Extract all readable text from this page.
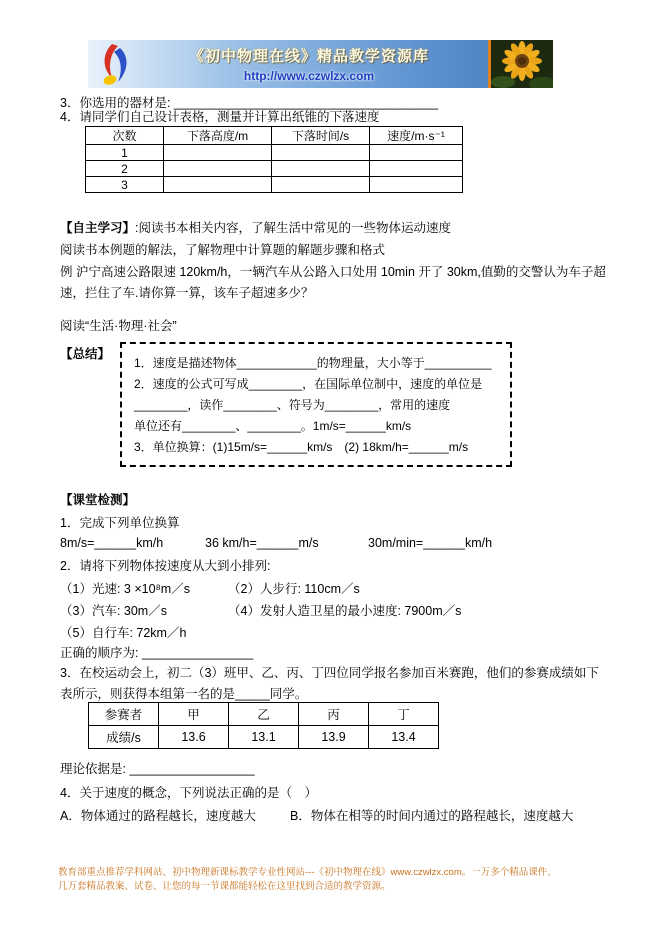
《初中物理在线》精品教学资源库
http://www.czwlzx.com
3．你选用的器材是: ______________________________________
4．请同学们自己设计表格，测量并计算出纸锥的下落速度
次数	下落高度/m	下落时间/s	速度/m·s⁻¹
1			
2			
3			
【自主学习】:阅读书本相关内容，了解生活中常见的一些物体运动速度
阅读书本例题的解法，了解物理中计算题的解题步骤和格式
例 沪宁高速公路限速 120km/h，一辆汽车从公路入口处用 10min 开了 30km,值勤的交警认为车子超速，拦住了车.请你算一算，该车子超速多少？
阅读“生活·物理·社会”
【总结】
1．速度是描述物体____________的物理量，大小等于__________
2．速度的公式可写成________，在国际单位制中，速度的单位是
________，读作________、符号为________，常用的速度
单位还有________、________。1m/s=______km/s
3．单位换算：(1)15m/s=______km/s　(2) 18km/h=______m/s
【课堂检测】
1．完成下列单位换算
8m/s=______km/h	36 km/h=______m/s	30m/min=______km/h
2．请将下列物体按速度从大到小排列:
（1）光速: 3 ×10⁸m／s	（2）人步行: 110cm／s
（3）汽车: 30m／s	（4）发射人造卫星的最小速度: 7900m／s
（5）自行车: 72km／h
正确的顺序为: ________________
3．在校运动会上，初二（3）班甲、乙、丙、丁四位同学报名参加百米赛跑，他们的参赛成绩如下表所示，则获得本组第一名的是_____同学。
参赛者	甲	乙	丙	丁
成绩/s	13.6	13.1	13.9	13.4
理论依据是: __________________
4．关于速度的概念，下列说法正确的是（　）
A．物体通过的路程越长，速度越大	B．物体在相等的时间内通过的路程越长，速度越大
教育部重点推荐学科网站、初中物理新课标教学专业性网站---《初中物理在线》www.czwlzx.com。一万多个精品课件、
几万套精品教案、试卷、让您的每一节课都能轻松在这里找到合适的教学资源。
